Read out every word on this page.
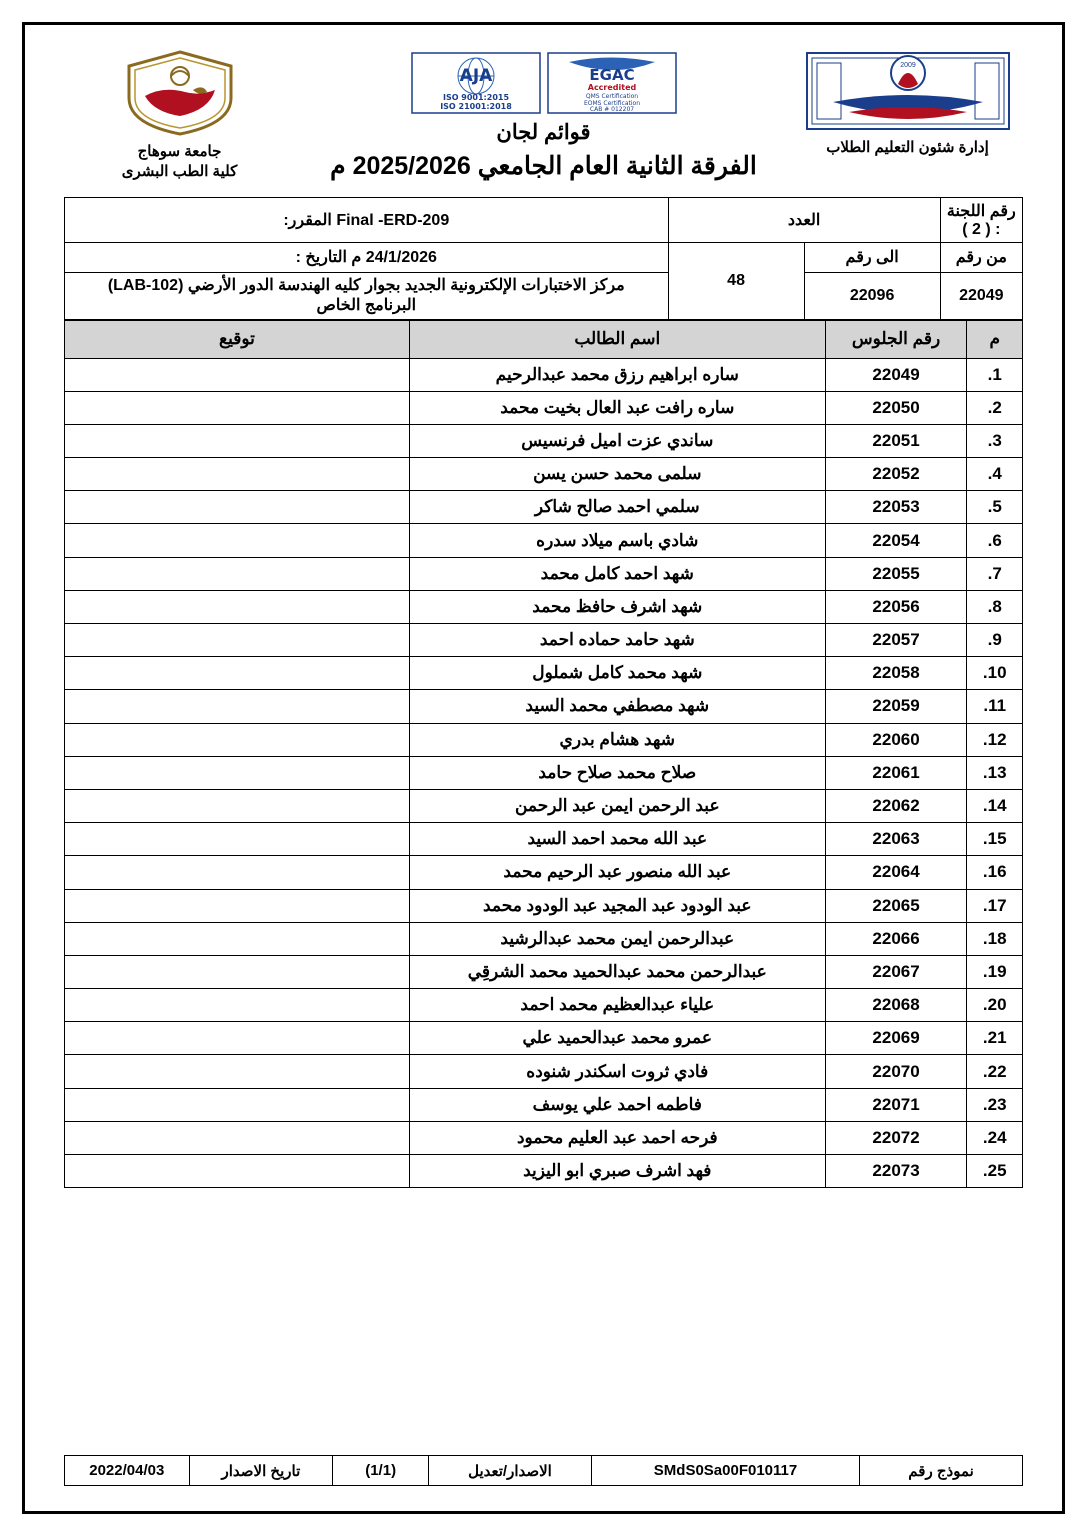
2009
إدارة شئون التعليم الطلاب
EGAC
Accredited
QMS Certification
EOMS Certification
CAB # 012207
AJA
ISO 9001:2015
ISO 21001:2018
قوائم لجان
الفرقة الثانية العام الجامعي 2025/2026 م
جامعة سوهاج
كلية الطب البشرى
رقم اللجنة : ( 2 )	العدد		Final -ERD-209 المقرر:
من رقم	الى رقم	48	24/1/2026 م التاريخ :
22049	22096		مركز الاختبارات الإلكترونية الجديد بجوار كليه الهندسة الدور الأرضي (LAB-102)
البرنامج الخاص
م	رقم الجلوس	اسم الطالب	توقيع
1.	22049	ساره ابراهيم رزق محمد عبدالرحيم	
2.	22050	ساره رافت عبد العال بخيت محمد	
3.	22051	ساندي عزت اميل فرنسيس	
4.	22052	سلمى محمد حسن يسن	
5.	22053	سلمي احمد صالح شاكر	
6.	22054	شادي باسم ميلاد سدره	
7.	22055	شهد احمد كامل محمد	
8.	22056	شهد اشرف حافظ محمد	
9.	22057	شهد حامد حماده احمد	
10.	22058	شهد محمد كامل شملول	
11.	22059	شهد مصطفي محمد السيد	
12.	22060	شهد هشام بدري	
13.	22061	صلاح محمد صلاح حامد	
14.	22062	عبد الرحمن ايمن عبد الرحمن	
15.	22063	عبد الله محمد احمد السيد	
16.	22064	عبد الله منصور عبد الرحيم محمد	
17.	22065	عبد الودود عبد المجيد عبد الودود محمد	
18.	22066	عبدالرحمن ايمن محمد عبدالرشيد	
19.	22067	عبدالرحمن محمد عبدالحميد محمد الشرقِي	
20.	22068	علياء عبدالعظيم محمد احمد	
21.	22069	عمرو محمد عبدالحميد علي	
22.	22070	فادي ثروت اسكندر شنوده	
23.	22071	فاطمه احمد علي يوسف	
24.	22072	فرحه احمد عبد العليم محمود	
25.	22073	فهد اشرف صبري ابو اليزيد	
نموذج رقم	SMdS0Sa00F010117	الاصدار/تعديل	(1/1)	تاريخ الاصدار	2022/04/03
